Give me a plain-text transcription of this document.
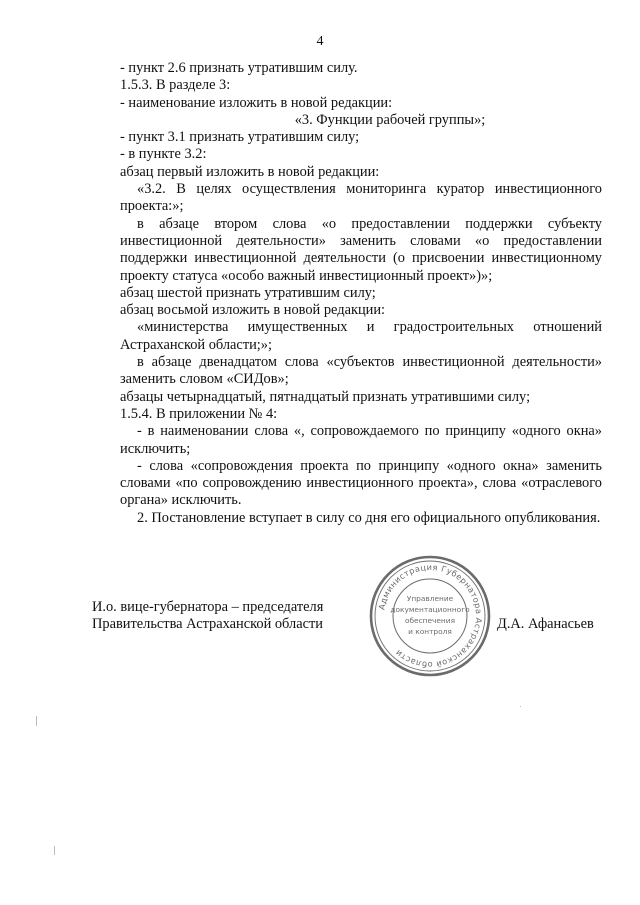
4

- пункт 2.6 признать утратившим силу.

1.5.3. В разделе 3:

- наименование изложить в новой редакции:

«3. Функции рабочей группы»;

- пункт 3.1 признать утратившим силу;

- в пункте 3.2:

абзац первый изложить в новой редакции:

«3.2. В целях осуществления мониторинга куратор инвестиционного проекта:»;

в абзаце втором слова «о предоставлении поддержки субъекту инвестиционной деятельности» заменить словами «о предоставлении поддержки инвестиционной деятельности (о присвоении инвестиционному проекту статуса «особо важный инвестиционный проект»)»;

абзац шестой признать утратившим силу;

абзац восьмой изложить в новой редакции:

«министерства имущественных и градостроительных отношений Астраханской области;»;

в абзаце двенадцатом слова «субъектов инвестиционной деятельности» заменить словом «СИДов»;

абзацы четырнадцатый, пятнадцатый признать утратившими силу;

1.5.4. В приложении № 4:

- в наименовании слова «, сопровождаемого по принципу «одного окна» исключить;

- слова «сопровождения проекта по принципу «одного окна» заменить словами «по сопровождению инвестиционного проекта», слова «отраслевого органа» исключить.

2. Постановление вступает в силу со дня его официального опубликования.

И.о. вице-губернатора – председателя
Правительства Астраханской области
Администрация Губернатора Астраханской области
Управление
документационного
обеспечения
и контроля	Д.А. Афанасьев
